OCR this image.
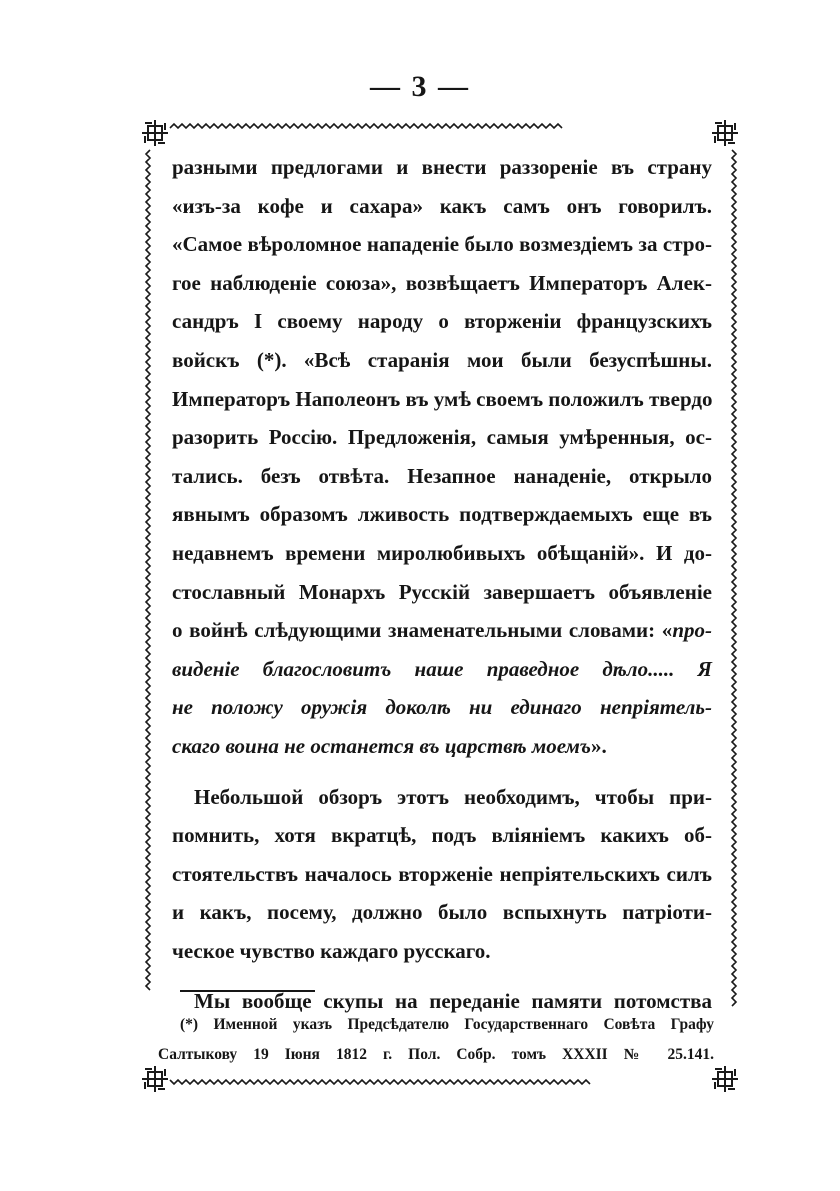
— 3 —
разными предлогами и внести раззоренie въ страну
«изъ-за кофе и сахара» какъ самъ онъ говорилъ.
«Самое вѣроломное нападенie было возмездieмъ за стро-
гое наблюденie союза», возвѣщаетъ Императоръ Алек-
сандръ I своему народу о вторженiи французскихъ
войскъ (*). «Всѣ старанiя мои были безуспѣшны.
Императоръ Наполеонъ въ умѣ своемъ положилъ твердо
разорить Россiю. Предложенiя, самыя умѣренныя, ос-
тались. безъ отвѣта. Незапное нанаденie, открыло
явнымъ образомъ лживость подтверждаемыхъ еще въ
недавнемъ времени миролюбивыхъ обѣщанiй». И до-
стославный Монархъ Русскiй завершаетъ объявленie
о войнѣ слѣдующими знаменательными словами: «про-
виденie благословитъ наше праведное дѣло..... Я
не положу оружiя доколѣ ни единаго непрiятель-
скаго воина не останется въ царствѣ моемъ».
Небольшой обзоръ этотъ необходимъ, чтобы при-
помнить, хотя вкратцѣ, подъ влiянieмъ какихъ об-
стоятельствъ началось вторженie непрiятельскихъ силъ
и какъ, посему, должно было вспыхнуть патрiоти-
ческое чувство каждаго русскаго.
Мы вообще скупы на переданie памяти потомства
(*) Именной указъ Предсѣдателю Государственнаго Совѣта Графу
Салтыкову 19 Iюня 1812 г. Пол. Собр. томъ XXXII № 25.141.
